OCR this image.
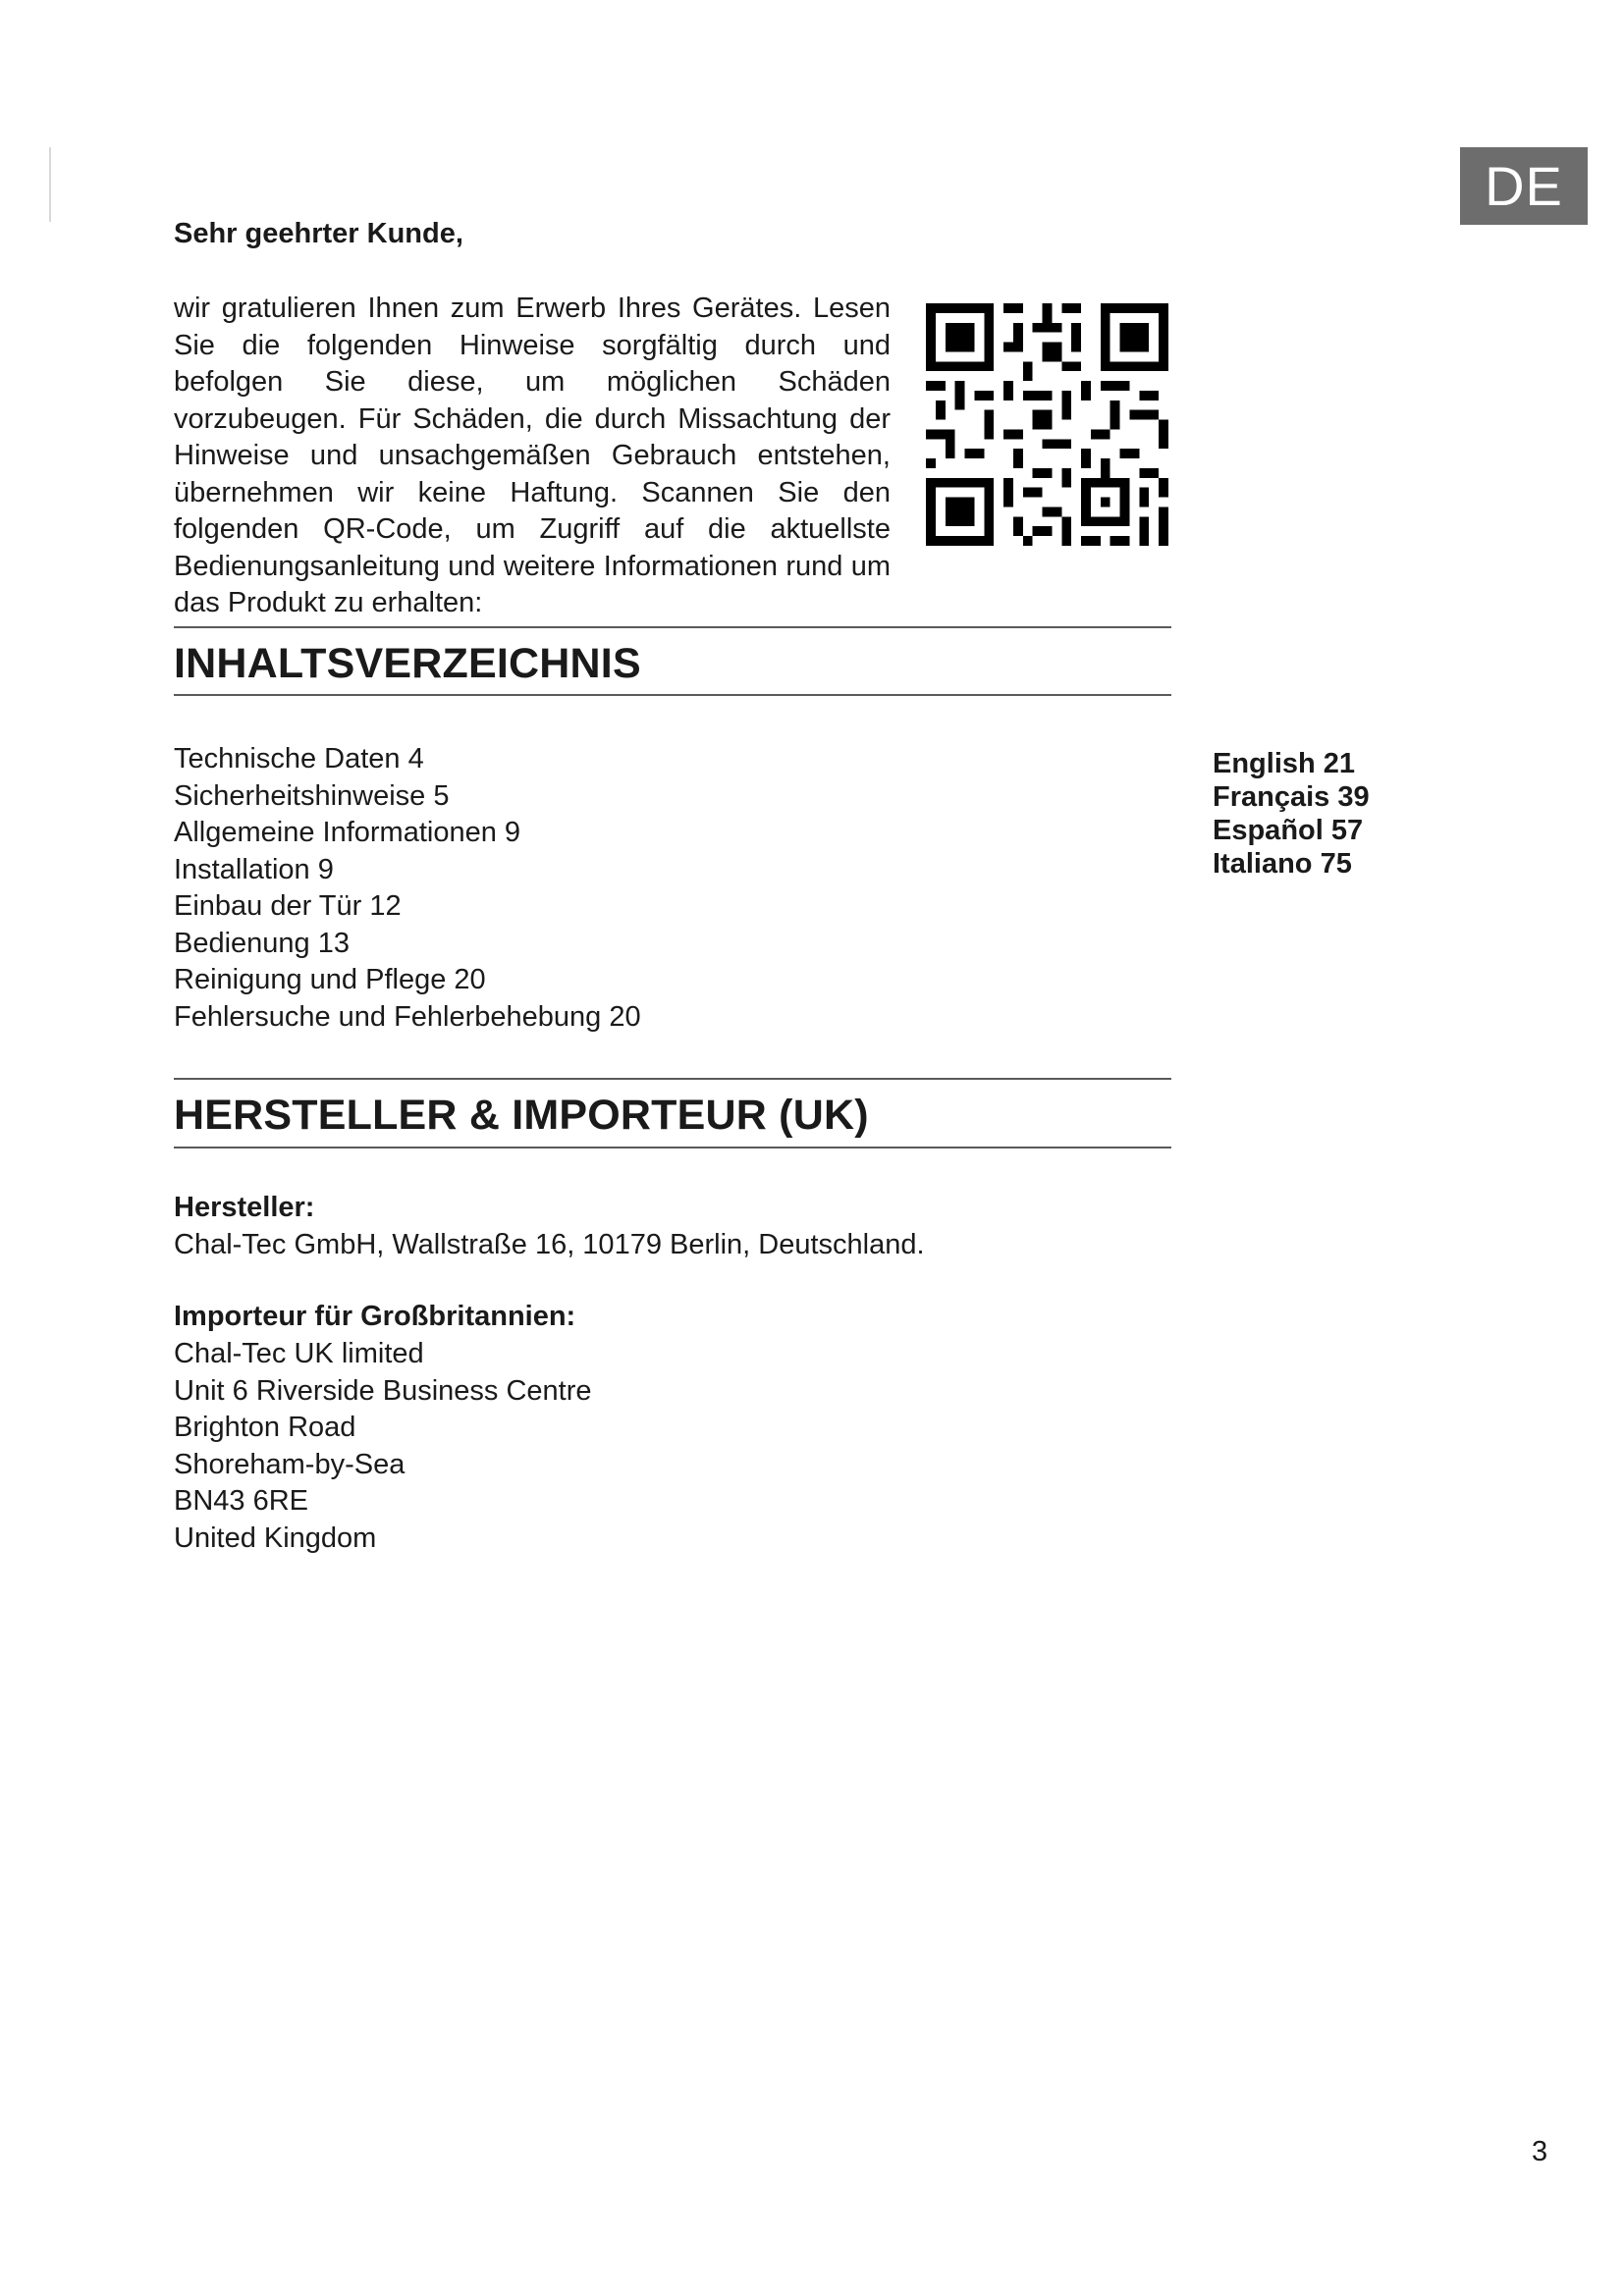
DE

Sehr geehrter Kunde,

wir gratulieren Ihnen zum Erwerb Ihres Gerätes. Lesen Sie die folgenden Hinweise sorgfältig durch und befolgen Sie diese, um möglichen Schäden vorzubeugen. Für Schäden, die durch Missachtung der Hinweise und unsachgemäßen Gebrauch entstehen, übernehmen wir keine Haftung. Scannen Sie den folgenden QR-Code, um Zugriff auf die aktuellste Bedienungsanleitung und weitere Informationen rund um das Produkt zu erhalten:

INHALTSVERZEICHNIS
Technische Daten 4
Sicherheitshinweise 5
Allgemeine Informationen 9
Installation 9
Einbau der Tür 12
Bedienung 13
Reinigung und Pflege 20
Fehlersuche und Fehlerbehebung 20
English 21
Français 39
Español 57
Italiano 75
HERSTELLER & IMPORTEUR (UK)

Hersteller:

Chal-Tec GmbH, Wallstraße 16, 10179 Berlin, Deutschland.

Importeur für Großbritannien:

Chal-Tec UK limited
Unit 6 Riverside Business Centre
Brighton Road
Shoreham-by-Sea
BN43 6RE
United Kingdom

3
